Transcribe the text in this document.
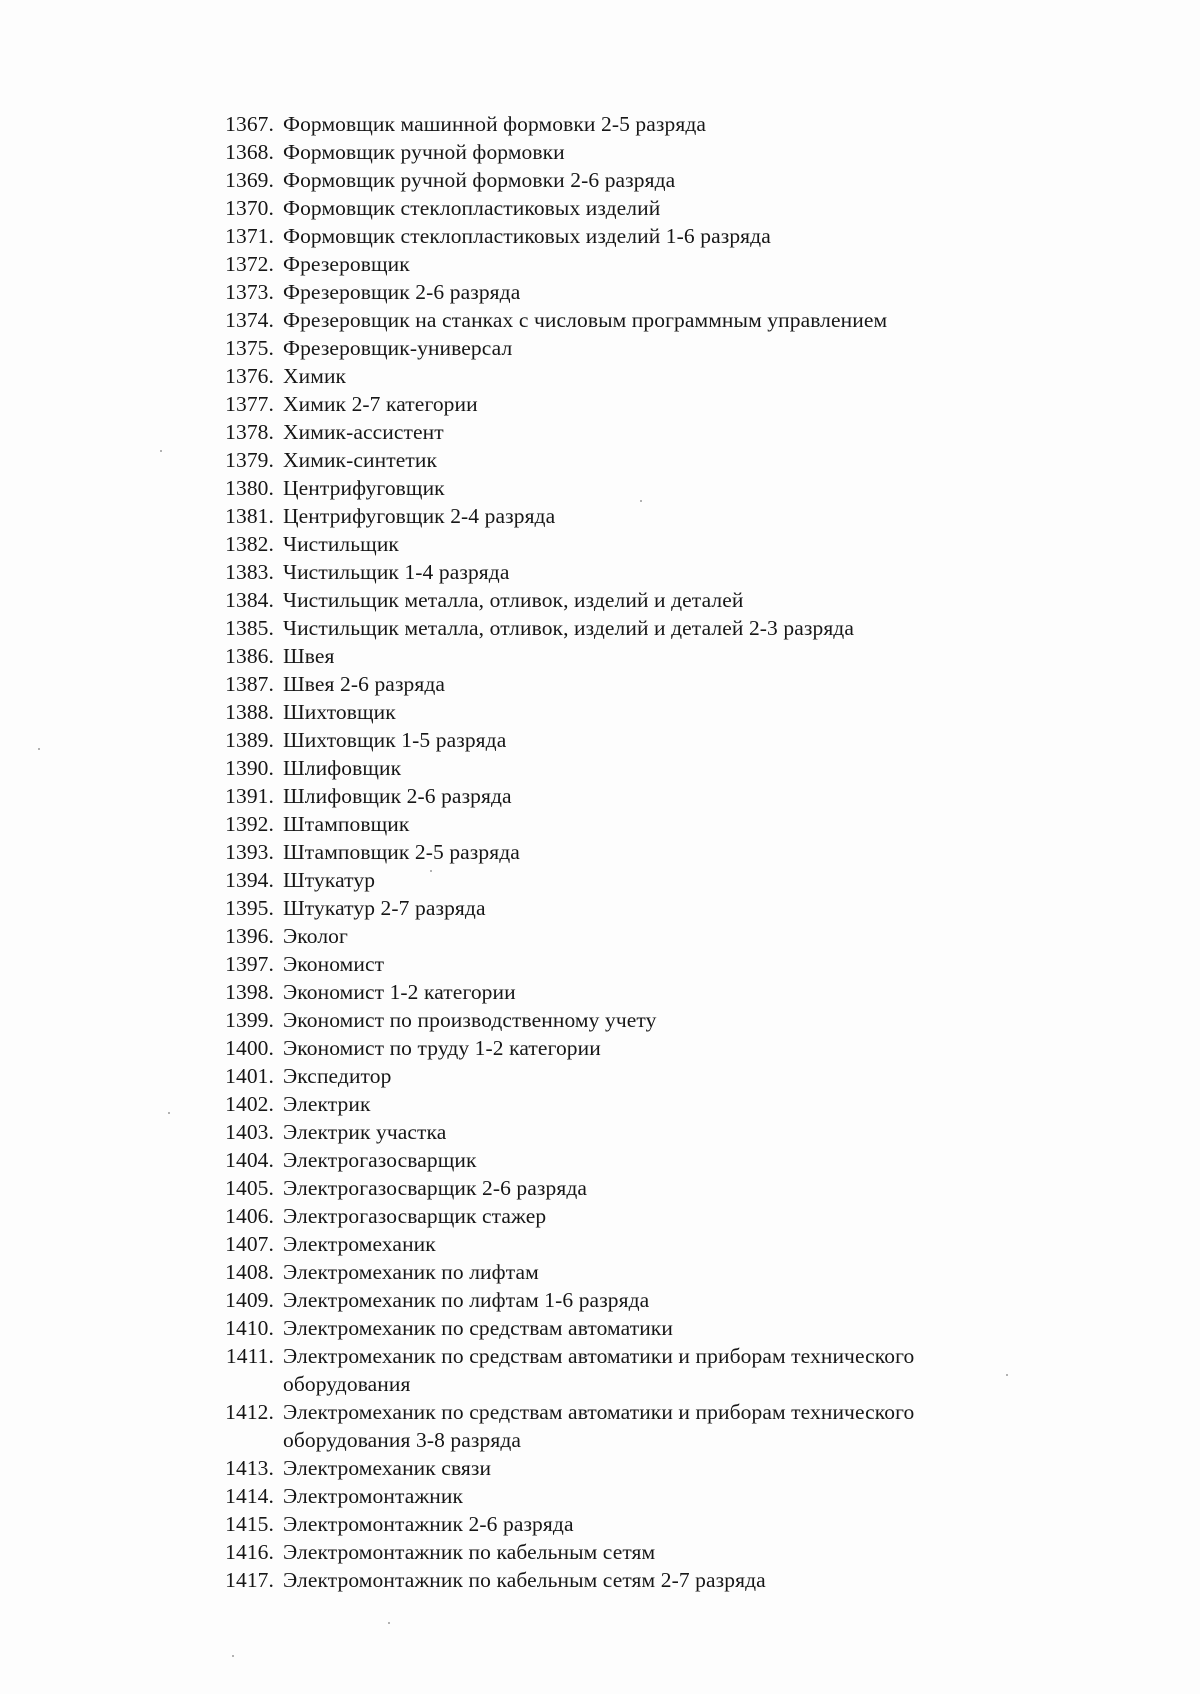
1367. Формовщик машинной формовки 2-5 разряда
1368. Формовщик ручной формовки
1369. Формовщик ручной формовки 2-6 разряда
1370. Формовщик стеклопластиковых изделий
1371. Формовщик стеклопластиковых изделий 1-6 разряда
1372. Фрезеровщик
1373. Фрезеровщик 2-6 разряда
1374. Фрезеровщик на станках с числовым программным управлением
1375. Фрезеровщик-универсал
1376. Химик
1377. Химик 2-7 категории
1378. Химик-ассистент
1379. Химик-синтетик
1380. Центрифуговщик
1381. Центрифуговщик 2-4 разряда
1382. Чистильщик
1383. Чистильщик 1-4 разряда
1384. Чистильщик металла, отливок, изделий и деталей
1385. Чистильщик металла, отливок, изделий и деталей 2-3 разряда
1386. Швея
1387. Швея 2-6 разряда
1388. Шихтовщик
1389. Шихтовщик 1-5 разряда
1390. Шлифовщик
1391. Шлифовщик 2-6 разряда
1392. Штамповщик
1393. Штамповщик 2-5 разряда
1394. Штукатур
1395. Штукатур 2-7 разряда
1396. Эколог
1397. Экономист
1398. Экономист 1-2 категории
1399. Экономист по производственному учету
1400. Экономист по труду 1-2 категории
1401. Экспедитор
1402. Электрик
1403. Электрик участка
1404. Электрогазосварщик
1405. Электрогазосварщик 2-6 разряда
1406. Электрогазосварщик стажер
1407. Электромеханик
1408. Электромеханик по лифтам
1409. Электромеханик по лифтам 1-6 разряда
1410. Электромеханик по средствам автоматики
1411. Электромеханик по средствам автоматики и приборам технического оборудования
1412. Электромеханик по средствам автоматики и приборам технического оборудования 3-8 разряда
1413. Электромеханик связи
1414. Электромонтажник
1415. Электромонтажник 2-6 разряда
1416. Электромонтажник по кабельным сетям
1417. Электромонтажник по кабельным сетям 2-7 разряда
